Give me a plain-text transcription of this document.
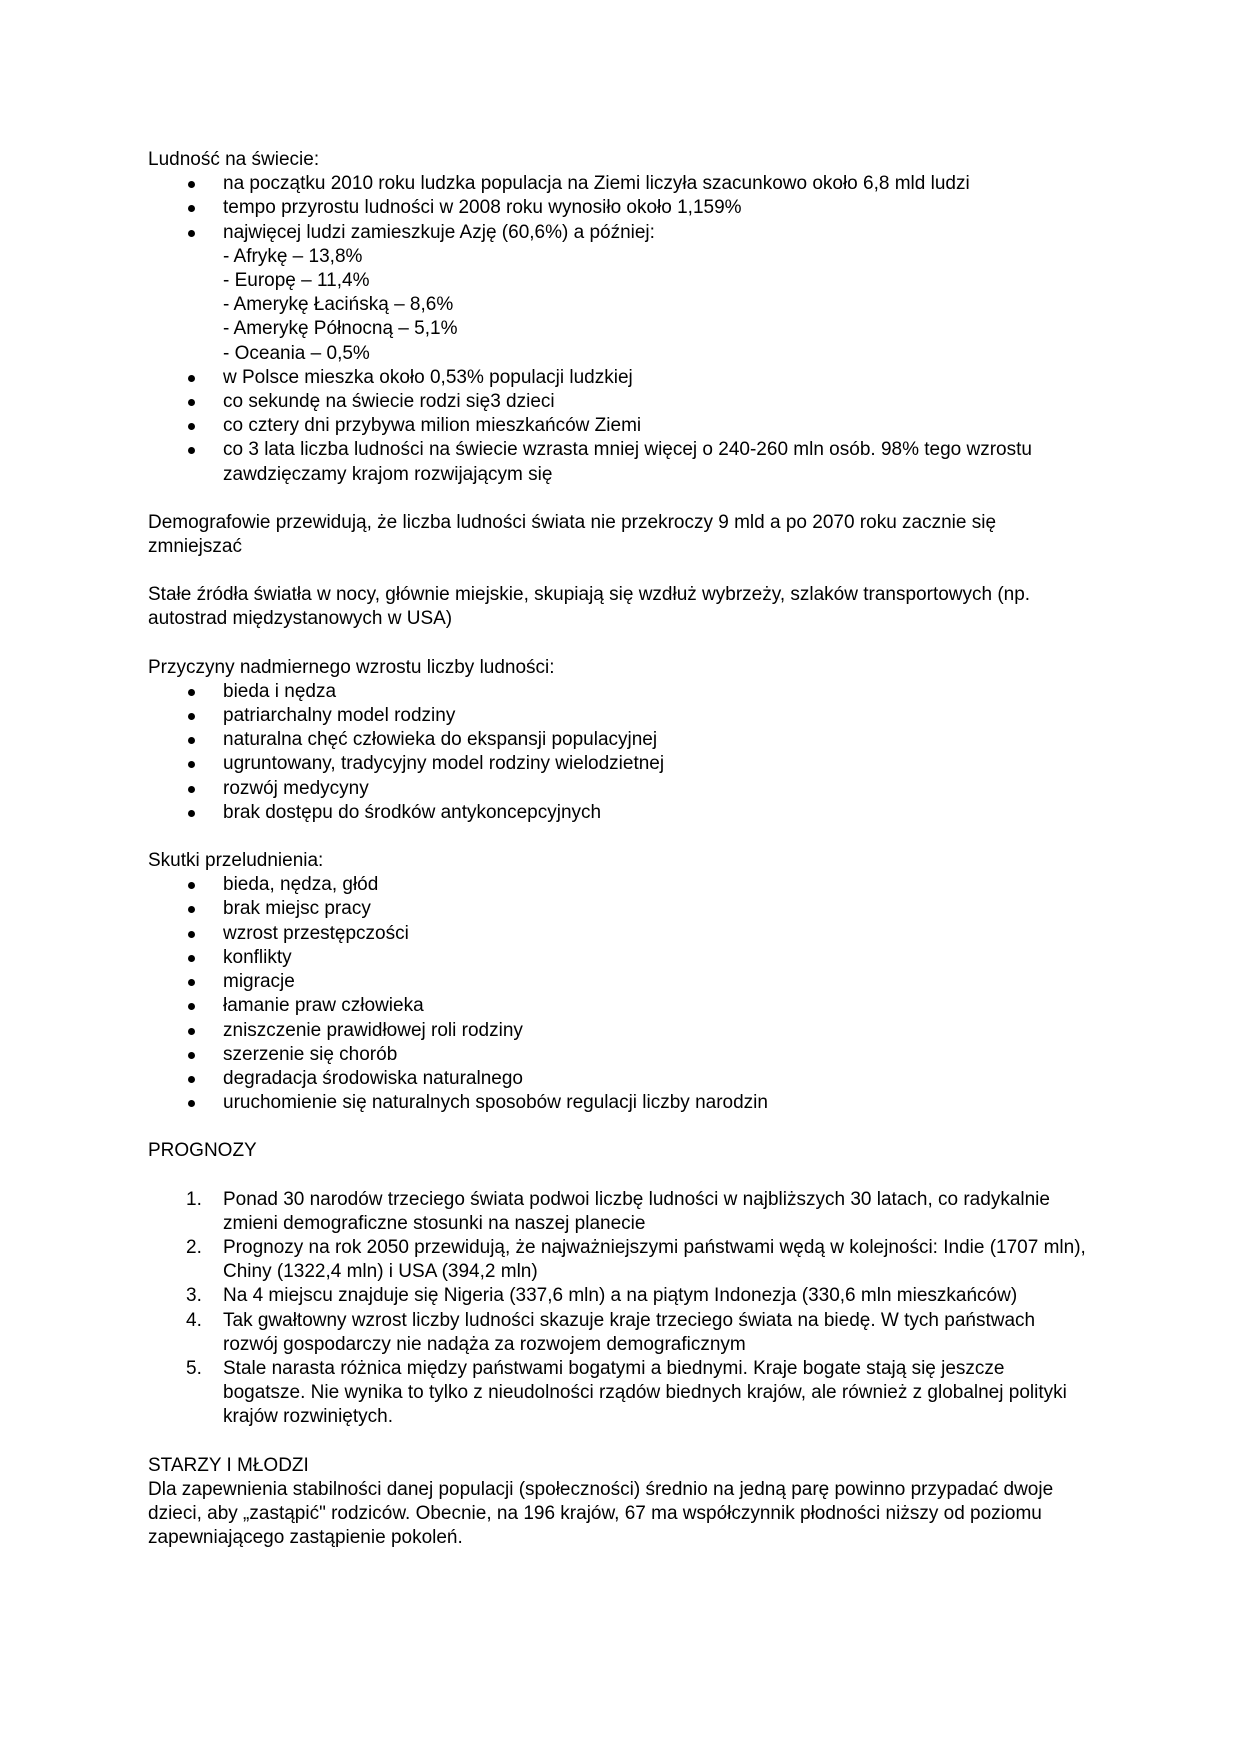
Ludność na świecie:

na początku 2010 roku ludzka populacja na Ziemi liczyła szacunkowo około 6,8 mld ludzi
tempo przyrostu ludności w 2008 roku wynosiło około 1,159%
najwięcej ludzi zamieszkuje Azję (60,6%) a później:
- Afrykę – 13,8%
- Europę – 11,4%
- Amerykę Łacińską – 8,6%
- Amerykę Północną – 5,1%
- Oceania – 0,5%
w Polsce mieszka około 0,53% populacji ludzkiej
co sekundę na świecie rodzi się3 dzieci
co cztery dni przybywa milion mieszkańców Ziemi
co 3 lata liczba ludności na świecie wzrasta mniej więcej o 240-260 mln osób. 98% tego wzrostu zawdzięczamy krajom rozwijającym się

Demografowie przewidują, że liczba ludności świata nie przekroczy 9 mld a po 2070 roku zacznie się zmniejszać

Stałe źródła światła w nocy, głównie miejskie, skupiają się wzdłuż wybrzeży, szlaków transportowych (np. autostrad międzystanowych w USA)

Przyczyny nadmiernego wzrostu liczby ludności:

bieda i nędza
patriarchalny model rodziny
naturalna chęć człowieka do ekspansji populacyjnej
ugruntowany, tradycyjny model rodziny wielodzietnej
rozwój medycyny
brak dostępu do środków antykoncepcyjnych

Skutki przeludnienia:

bieda, nędza, głód
brak miejsc pracy
wzrost przestępczości
konflikty
migracje
łamanie praw człowieka
zniszczenie prawidłowej roli rodziny
szerzenie się chorób
degradacja środowiska naturalnego
uruchomienie się naturalnych sposobów regulacji liczby narodzin

PROGNOZY

1. Ponad 30 narodów trzeciego świata podwoi liczbę ludności w najbliższych 30 latach, co radykalnie zmieni demograficzne stosunki na naszej planecie
2. Prognozy na rok 2050 przewidują, że najważniejszymi państwami wędą w kolejności: Indie (1707 mln), Chiny (1322,4 mln) i USA (394,2 mln)
3. Na 4 miejscu znajduje się Nigeria (337,6 mln) a na piątym Indonezja (330,6 mln mieszkańców)
4. Tak gwałtowny wzrost liczby ludności skazuje kraje trzeciego świata na biedę. W tych państwach rozwój gospodarczy nie nadąża za rozwojem demograficznym
5. Stale narasta różnica między państwami bogatymi a biednymi. Kraje bogate stają się jeszcze bogatsze. Nie wynika to tylko z nieudolności rządów biednych krajów, ale również z globalnej polityki krajów rozwiniętych.

STARZY I MŁODZI

Dla zapewnienia stabilności danej populacji (społeczności) średnio na jedną parę powinno przypadać dwoje dzieci, aby „zastąpić" rodziców. Obecnie, na 196 krajów, 67 ma współczynnik płodności niższy od poziomu zapewniającego zastąpienie pokoleń.
